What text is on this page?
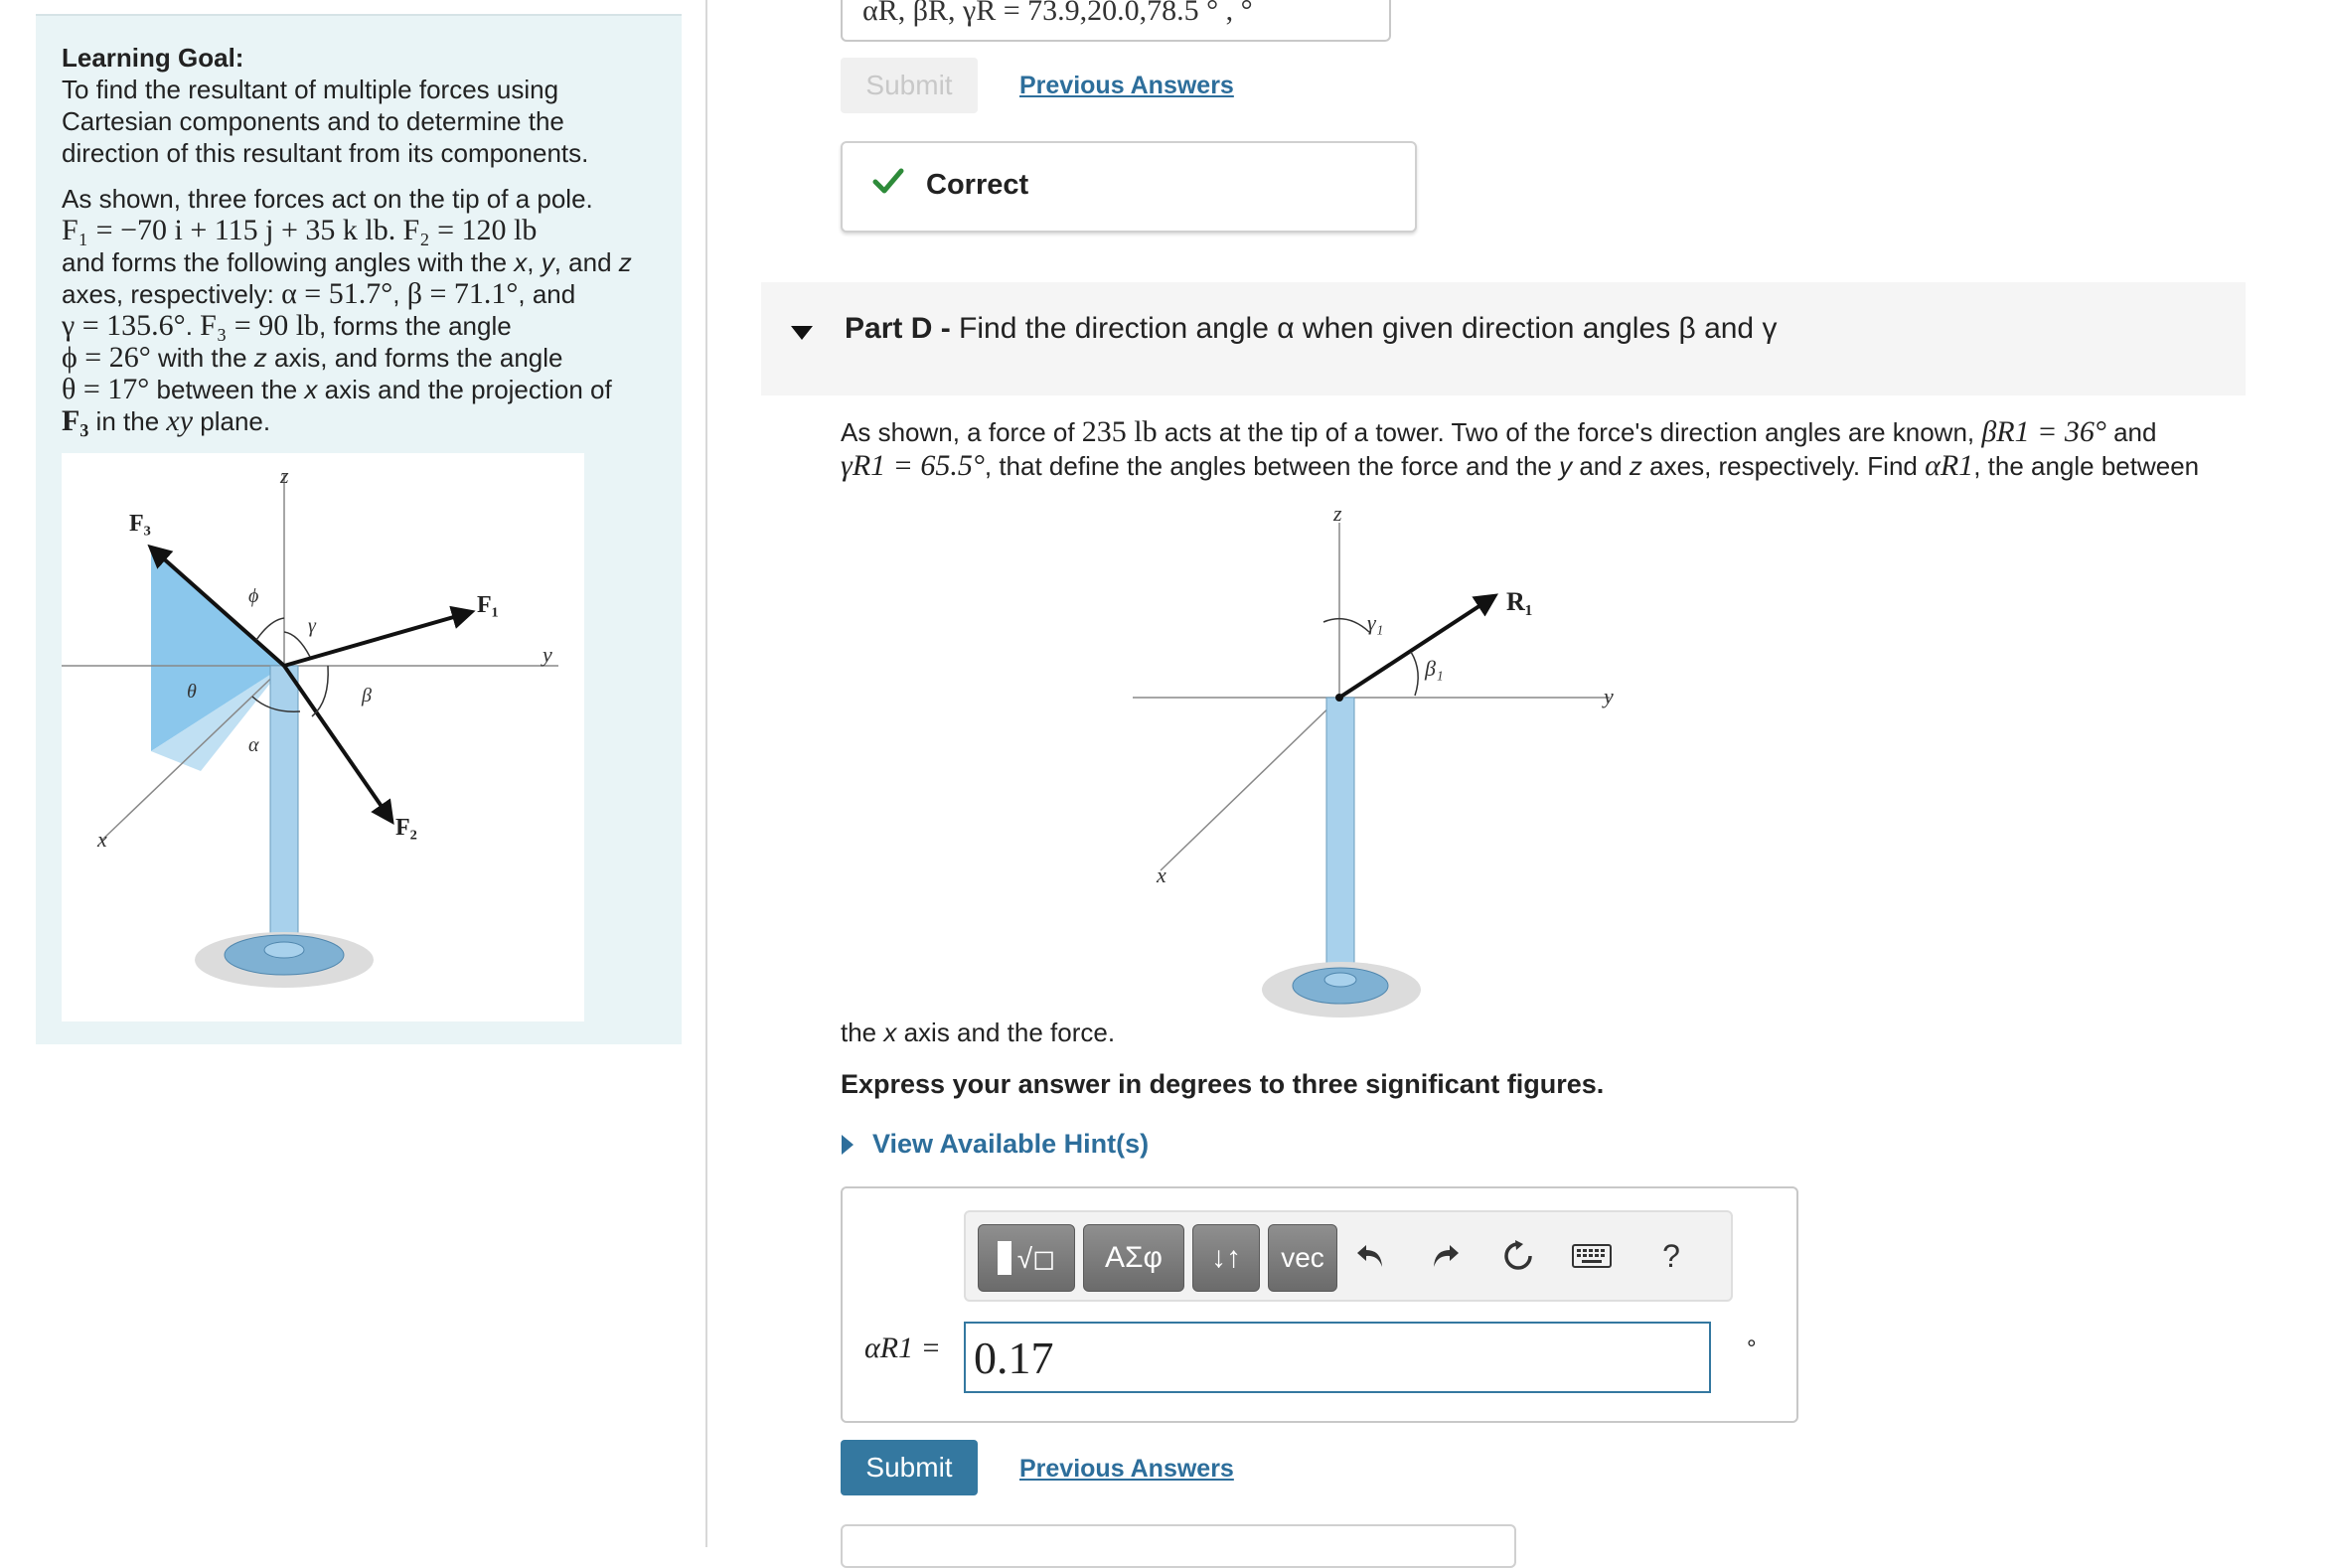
Learning Goal:

To find the resultant of multiple forces using Cartesian components and to determine the direction of this resultant from its components.

As shown, three forces act on the tip of a pole.
F₁ = −70 i + 115 j + 35 k lb. F₂ = 120 lb
and forms the following angles with the x, y, and z
axes, respectively: α = 51.7°, β = 71.1°, and
γ = 135.6°. F₃ = 90 lb, forms the angle
ϕ = 26° with the z axis, and forms the angle
θ = 17° between the x axis and the projection of
F₃ in the xy plane.

z
y
x
F₃
F₁
F₂
ϕ
γ
β
α
θ
αR, βR, γR = 73.9,20.0,78.5 ° , °
Submit	Previous Answers
Correct
Part D - Find the direction angle α when given direction angles β and γ
As shown, a force of 235 lb acts at the tip of a tower. Two of the force's direction angles are known, βR1 = 36° and
γR1 = 65.5°, that define the angles between the force and the y and z axes, respectively. Find αR1, the angle between
z
y
x
R₁
γ₁
β₁
the x axis and the force.
Express your answer in degrees to three significant figures.
View Available Hint(s)
√◻	ΑΣφ	↓↑	vec	?
αR1 =
0.17	°
Submit	Previous Answers
